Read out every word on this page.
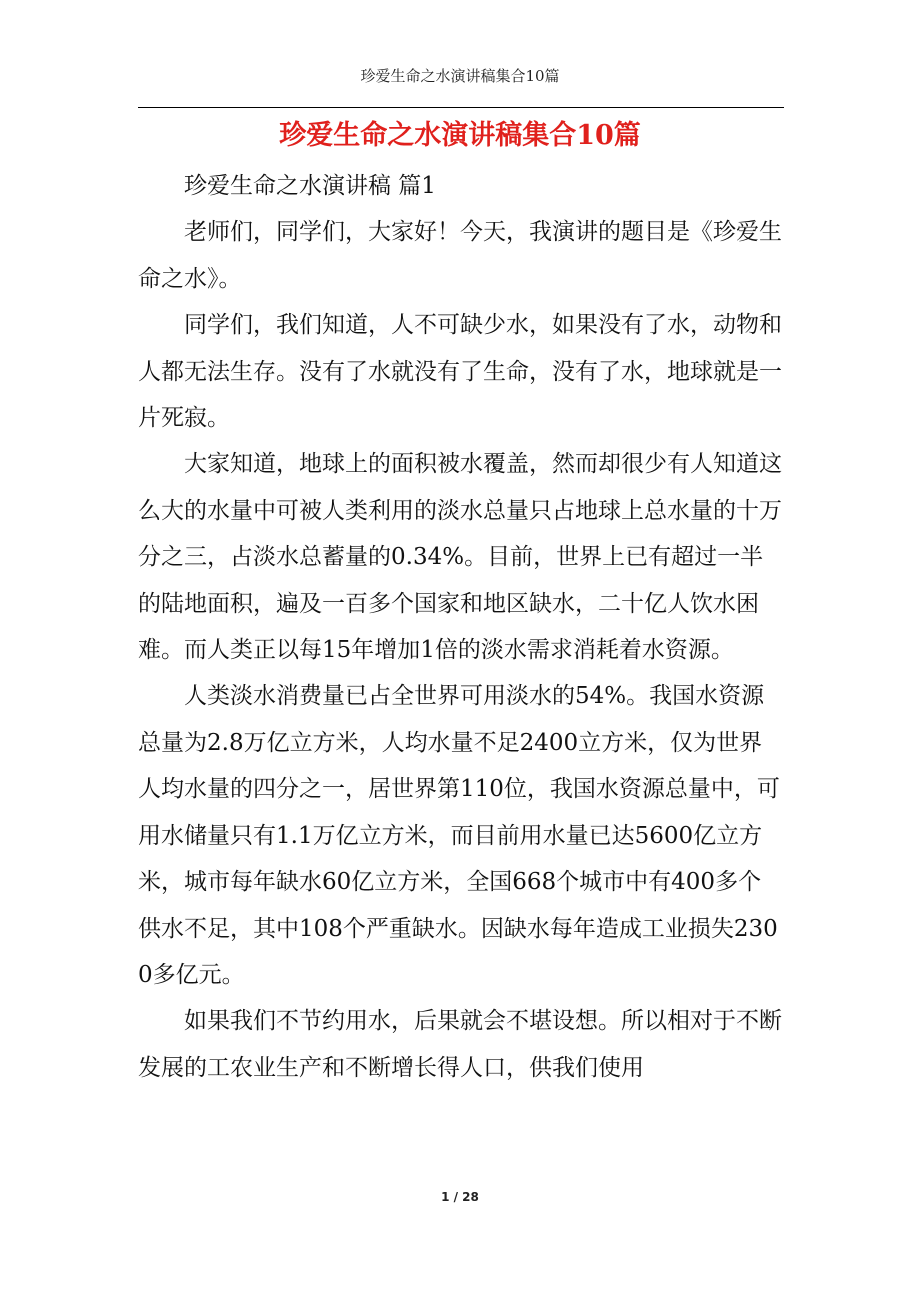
珍爱生命之水演讲稿集合10篇
珍爱生命之水演讲稿集合10篇

珍爱生命之水演讲稿 篇1

老师们，同学们，大家好！今天，我演讲的题目是《珍爱生命之水》。

同学们，我们知道，人不可缺少水，如果没有了水，动物和人都无法生存。没有了水就没有了生命，没有了水，地球就是一片死寂。

大家知道，地球上的面积被水覆盖，然而却很少有人知道这么大的水量中可被人类利用的淡水总量只占地球上总水量的十万分之三，占淡水总蓄量的0.34%。目前，世界上已有超过一半的陆地面积，遍及一百多个国家和地区缺水，二十亿人饮水困难。而人类正以每15年增加1倍的淡水需求消耗着水资源。

人类淡水消费量已占全世界可用淡水的54%。我国水资源总量为2.8万亿立方米，人均水量不足2400立方米，仅为世界人均水量的四分之一，居世界第110位，我国水资源总量中，可用水储量只有1.1万亿立方米，而目前用水量已达5600亿立方米，城市每年缺水60亿立方米，全国668个城市中有400多个供水不足，其中108个严重缺水。因缺水每年造成工业损失2300多亿元。

如果我们不节约用水，后果就会不堪设想。所以相对于不断发展的工农业生产和不断增长得人口，供我们使用

1 / 28
